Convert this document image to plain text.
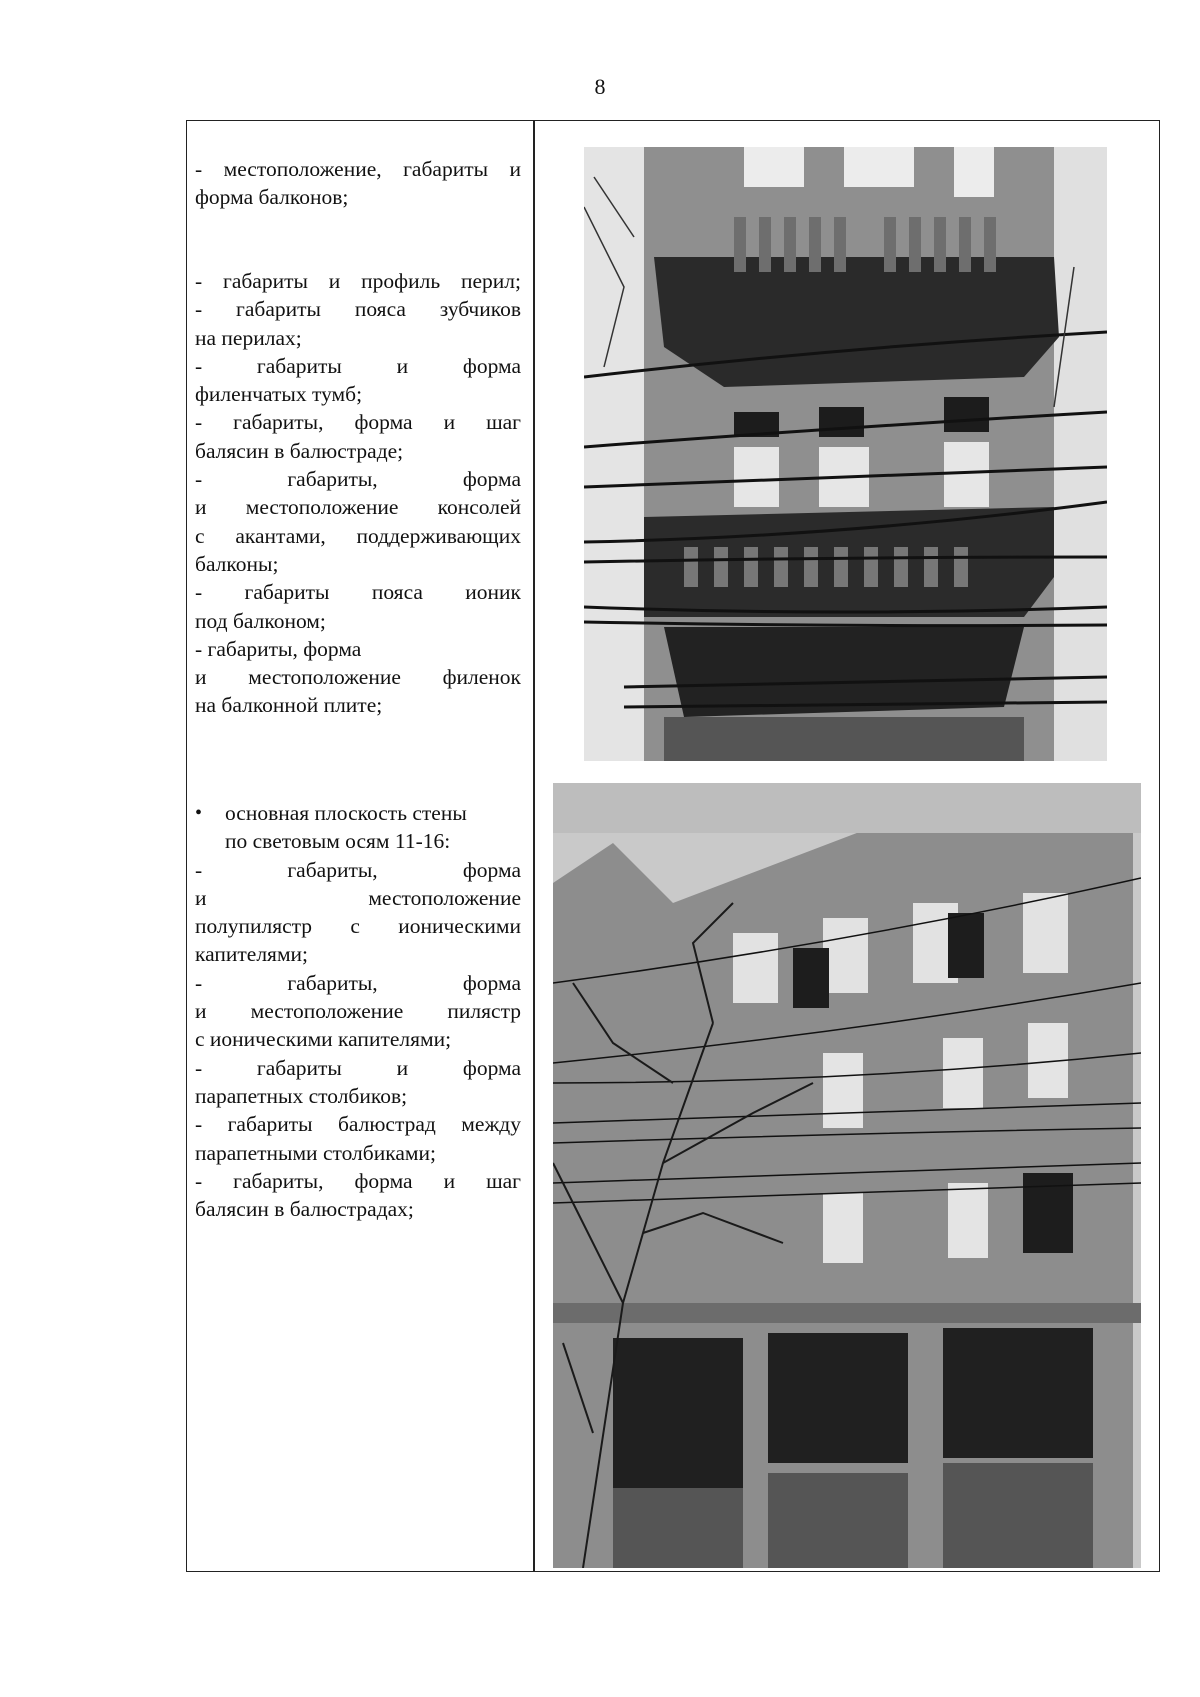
8

- местоположение, габариты и

форма балконов;

- габариты и профиль перил;

- габариты пояса зубчиков

на перилах;

- габариты и форма

филенчатых тумб;

- габариты, форма и шаг

балясин в балюстраде;

- габариты, форма

и местоположение консолей

с акантами, поддерживающих

балконы;

- габариты пояса ионик

под балконом;

- габариты, форма

и местоположение филенок

на балконной плите;

•	основная плоскость стены

по световым осям 11-16:

- габариты, форма

и местоположение

полупилястр с ионическими

капителями;

- габариты, форма

и местоположение пилястр

с ионическими капителями;

- габариты и форма

парапетных столбиков;

- габариты балюстрад между

парапетными столбиками;

- габариты, форма и шаг

балясин в балюстрадах;
